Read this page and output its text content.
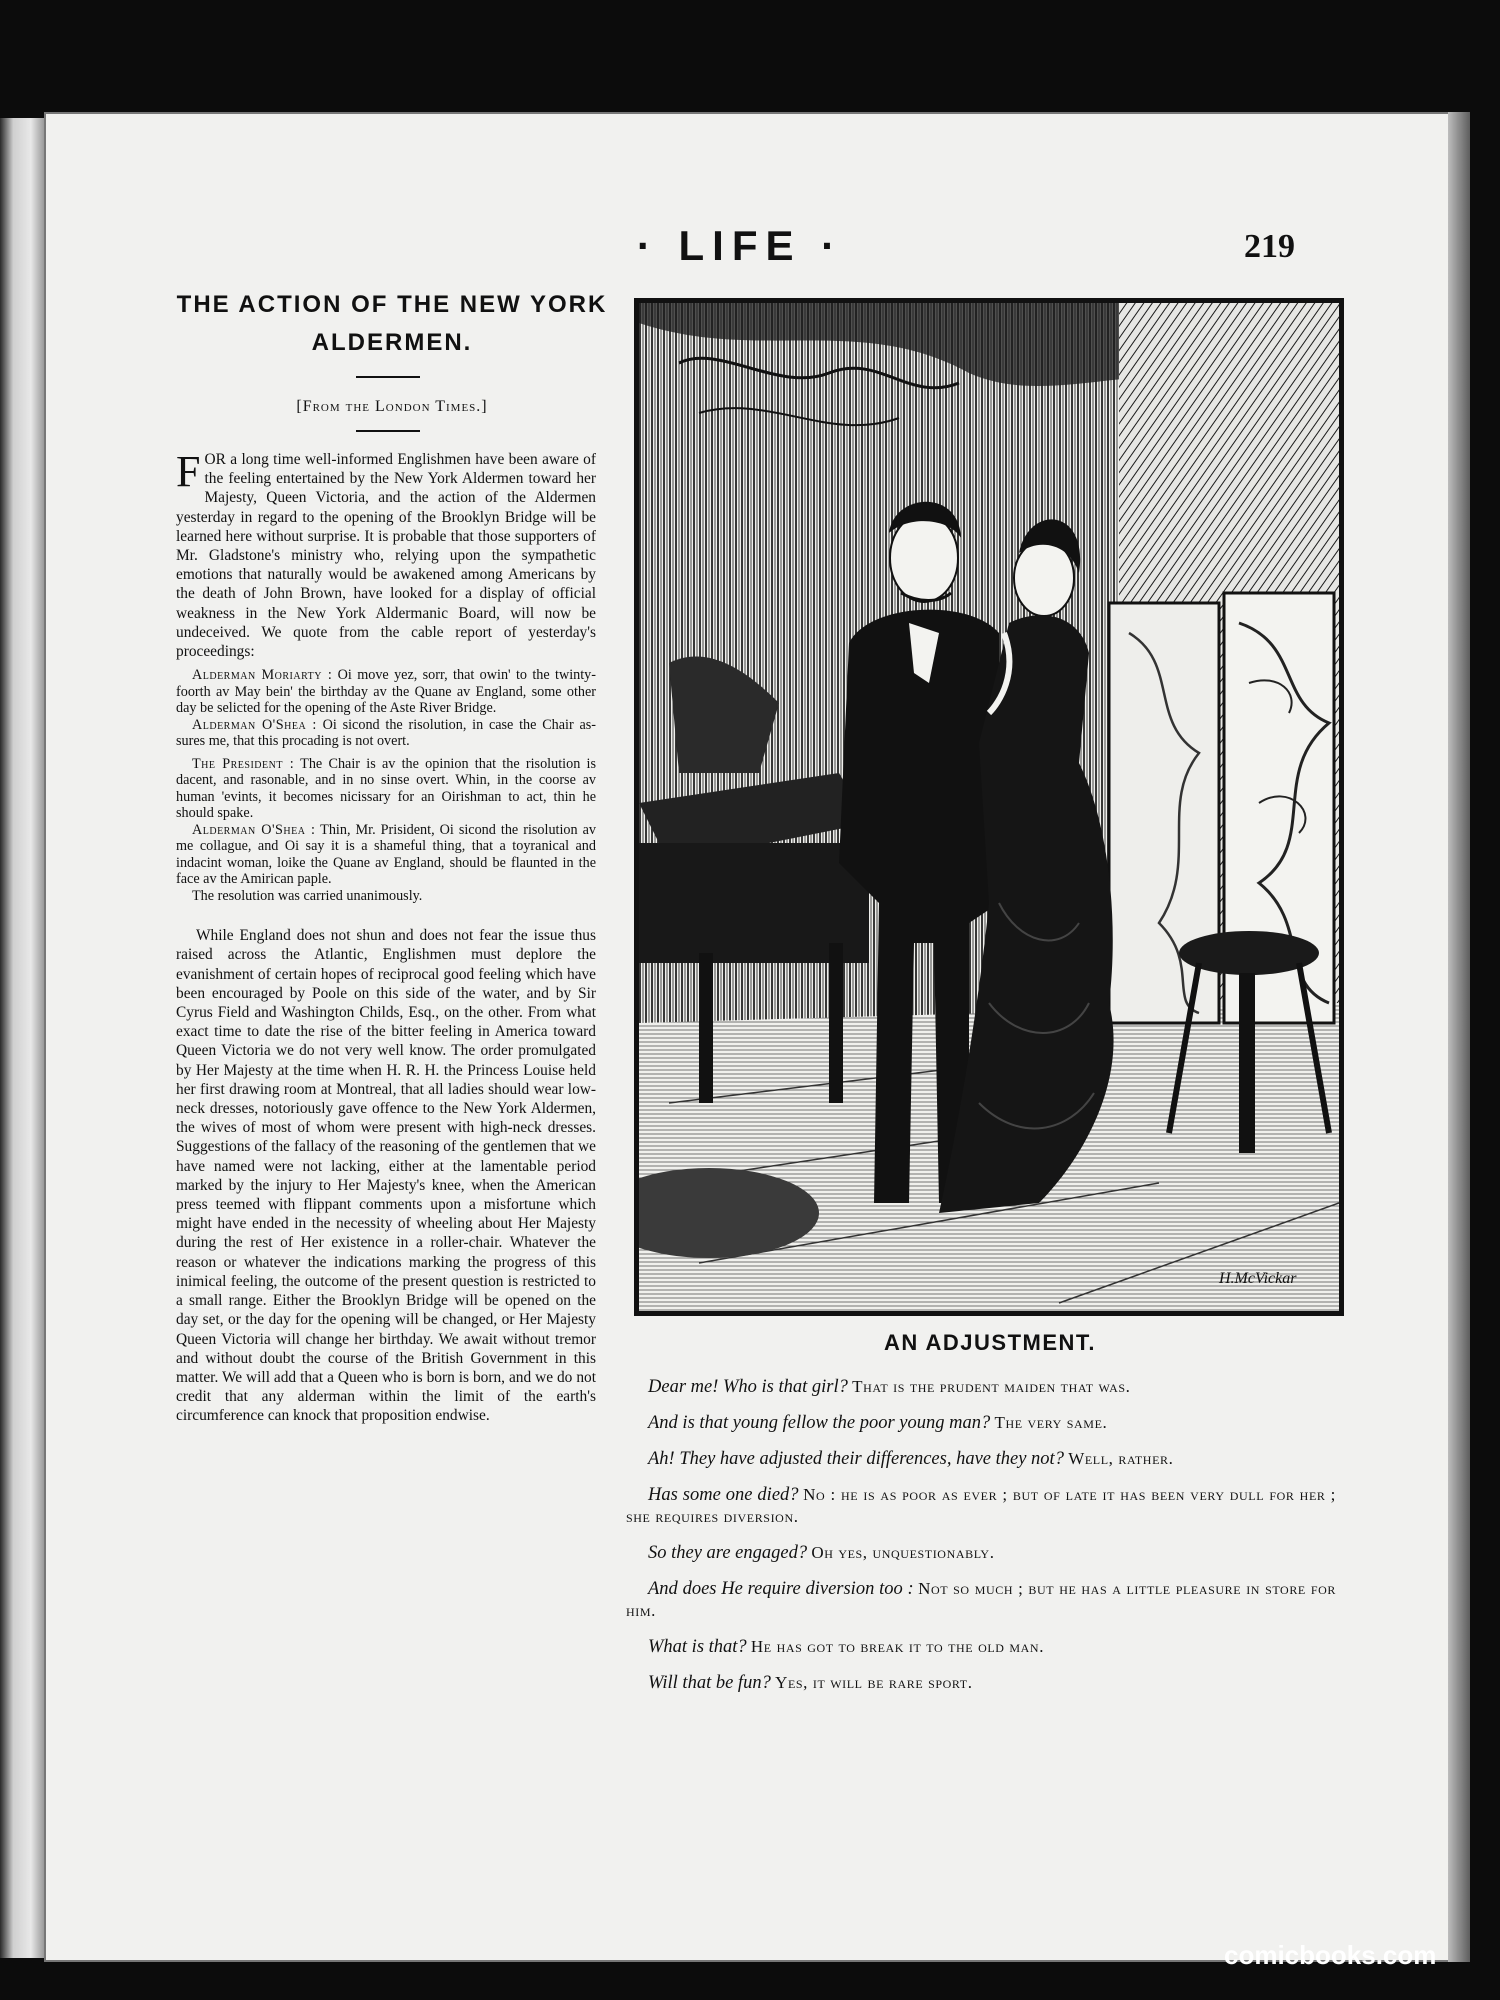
· LIFE ·	219
THE ACTION OF THE NEW YORK ALDERMEN.
[From the London Times.]

FOR a long time well-informed Englishmen have been aware of the feeling entertained by the New York Aldermen toward her Majesty, Queen Victoria, and the action of the Aldermen yesterday in regard to the opening of the Brooklyn Bridge will be learned here without surprise. It is probable that those supporters of Mr. Gladstone's ministry who, relying upon the sympathetic emotions that naturally would be awakened among Americans by the death of John Brown, have looked for a display of official weakness in the New York Aldermanic Board, will now be undeceived. We quote from the cable report of yesterday's proceedings:

Alderman Moriarty : Oi move yez, sorr, that owin' to the twinty-foorth av May bein' the birthday av the Quane av England, some other day be selicted for the opening of the Aste River Bridge.

Alderman O'Shea : Oi sicond the risolution, in case the Chair as-sures me, that this procading is not overt.

The President : The Chair is av the opinion that the risolution is dacent, and rasonable, and in no sinse overt. Whin, in the coorse av human 'evints, it becomes nicissary for an Oirishman to act, thin he should spake.

Alderman O'Shea : Thin, Mr. Prisident, Oi sicond the risolution av me collague, and Oi say it is a shameful thing, that a toyranical and indacint woman, loike the Quane av England, should be flaunted in the face av the Amirican paple.

The resolution was carried unanimously.

While England does not shun and does not fear the issue thus raised across the Atlantic, Englishmen must deplore the evanishment of certain hopes of reciprocal good feeling which have been encouraged by Poole on this side of the water, and by Sir Cyrus Field and Washington Childs, Esq., on the other. From what exact time to date the rise of the bitter feeling in America toward Queen Victoria we do not very well know. The order promulgated by Her Majesty at the time when H. R. H. the Princess Louise held her first drawing room at Montreal, that all ladies should wear low-neck dresses, notoriously gave offence to the New York Aldermen, the wives of most of whom were present with high-neck dresses. Suggestions of the fallacy of the reasoning of the gentlemen that we have named were not lacking, either at the lamentable period marked by the injury to Her Majesty's knee, when the American press teemed with flippant comments upon a misfortune which might have ended in the necessity of wheeling about Her Majesty during the rest of Her existence in a roller-chair. Whatever the reason or whatever the indications marking the progress of this inimical feeling, the outcome of the present question is restricted to a small range. Either the Brooklyn Bridge will be opened on the day set, or the day for the opening will be changed, or Her Majesty Queen Victoria will change her birthday. We await without tremor and without doubt the course of the British Government in this matter. We will add that a Queen who is born is born, and we do not credit that any alderman within the limit of the earth's circumference can knock that proposition endwise.

H.McVickar
AN ADJUSTMENT.

Dear me! Who is that girl? That is the prudent maiden that was.

And is that young fellow the poor young man? The very same.

Ah! They have adjusted their differences, have they not? Well, rather.

Has some one died? No : he is as poor as ever ; but of late it has been very dull for her ; she requires diversion.

So they are engaged? Oh yes, unquestionably.

And does He require diversion too : Not so much ; but he has a little pleasure in store for him.

What is that? He has got to break it to the old man.

Will that be fun? Yes, it will be rare sport.

comicbooks.com
